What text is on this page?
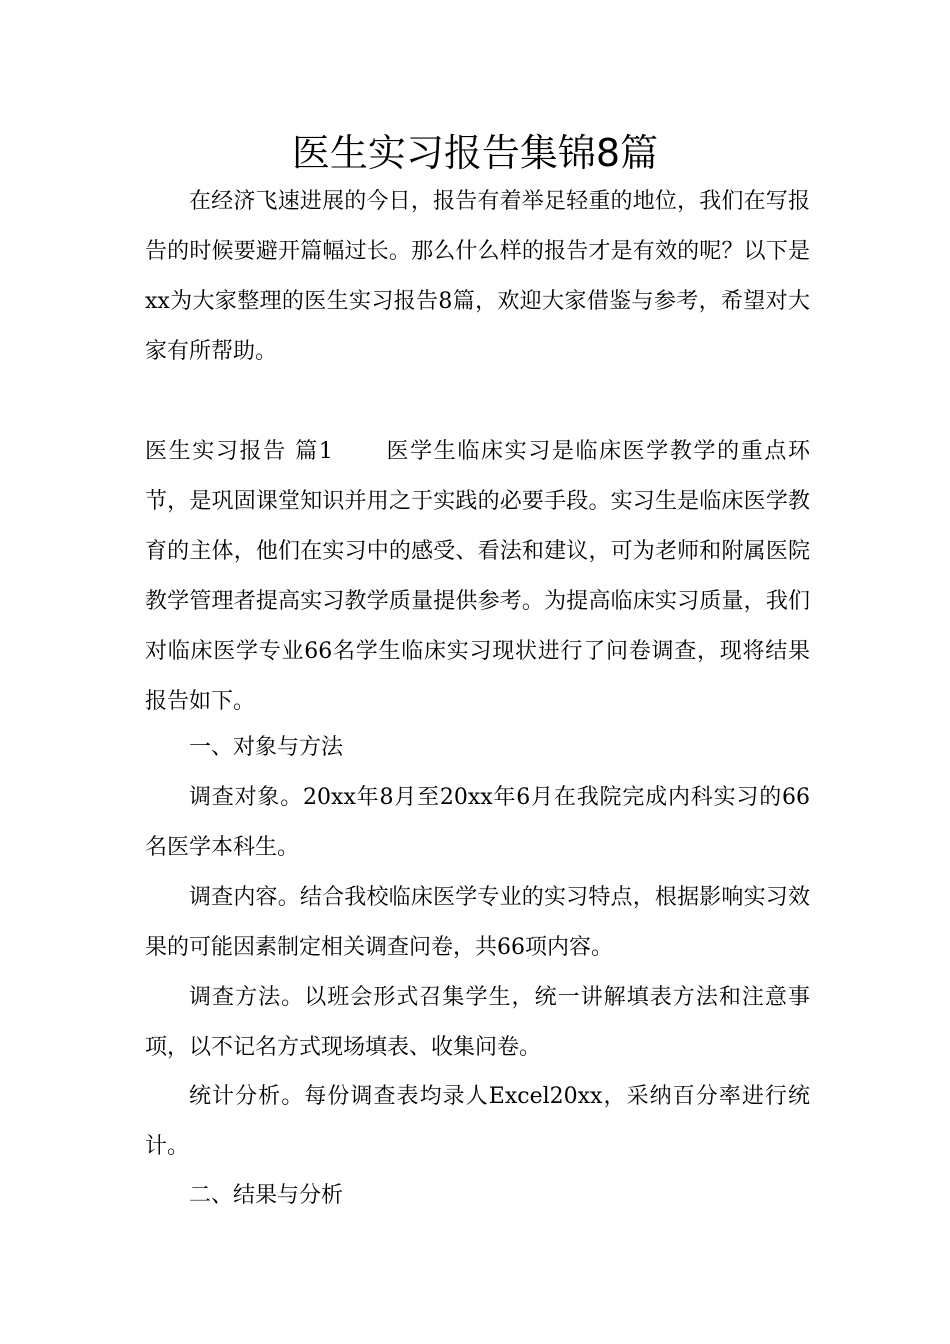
医生实习报告集锦8篇

在经济飞速进展的今日，报告有着举足轻重的地位，我们在写报告的时候要避开篇幅过长。那么什么样的报告才是有效的呢？以下是xx为大家整理的医生实习报告8篇，欢迎大家借鉴与参考，希望对大家有所帮助。

医生实习报告 篇1 医学生临床实习是临床医学教学的重点环节，是巩固课堂知识并用之于实践的必要手段。实习生是临床医学教育的主体，他们在实习中的感受、看法和建议，可为老师和附属医院教学管理者提高实习教学质量提供参考。为提高临床实习质量，我们对临床医学专业66名学生临床实习现状进行了问卷调查，现将结果报告如下。

一、对象与方法

调查对象。20xx年8月至20xx年6月在我院完成内科实习的66名医学本科生。

调查内容。结合我校临床医学专业的实习特点，根据影响实习效果的可能因素制定相关调查问卷，共66项内容。

调查方法。以班会形式召集学生，统一讲解填表方法和注意事项，以不记名方式现场填表、收集问卷。

统计分析。每份调查表均录人Excel20xx，采纳百分率进行统计。

二、结果与分析
